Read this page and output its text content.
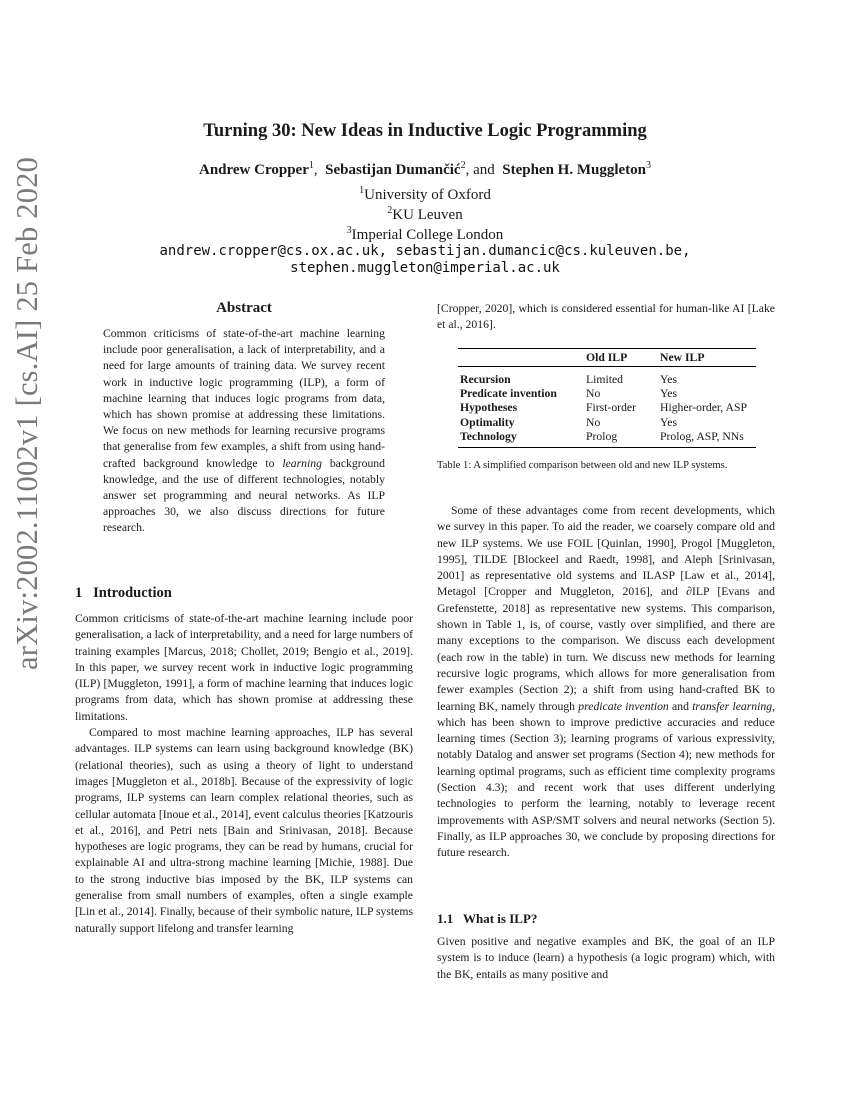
arXiv:2002.11002v1 [cs.AI] 25 Feb 2020
Turning 30: New Ideas in Inductive Logic Programming
Andrew Cropper$^1$, Sebastijan Dumančić$^2$, and Stephen H. Muggleton$^3$
$^1$University of Oxford
$^2$KU Leuven
$^3$Imperial College London
andrew.cropper@cs.ox.ac.uk, sebastijan.dumancic@cs.kuleuven.be,
stephen.muggleton@imperial.ac.uk
Abstract
Common criticisms of state-of-the-art machine learning include poor generalisation, a lack of interpretability, and a need for large amounts of training data. We survey recent work in inductive logic programming (ILP), a form of machine learning that induces logic programs from data, which has shown promise at addressing these limitations. We focus on new methods for learning recursive programs that generalise from few examples, a shift from using hand-crafted background knowledge to learning background knowledge, and the use of different technologies, notably answer set programming and neural networks. As ILP approaches 30, we also discuss directions for future research.
1 Introduction

Common criticisms of state-of-the-art machine learning include poor generalisation, a lack of interpretability, and a need for large numbers of training examples [Marcus, 2018; Chollet, 2019; Bengio et al., 2019]. In this paper, we survey recent work in inductive logic programming (ILP) [Muggleton, 1991], a form of machine learning that induces logic programs from data, which has shown promise at addressing these limitations.

Compared to most machine learning approaches, ILP has several advantages. ILP systems can learn using background knowledge (BK) (relational theories), such as using a theory of light to understand images [Muggleton et al., 2018b]. Because of the expressivity of logic programs, ILP systems can learn complex relational theories, such as cellular automata [Inoue et al., 2014], event calculus theories [Katzouris et al., 2016], and Petri nets [Bain and Srinivasan, 2018]. Because hypotheses are logic programs, they can be read by humans, crucial for explainable AI and ultra-strong machine learning [Michie, 1988]. Due to the strong inductive bias imposed by the BK, ILP systems can generalise from small numbers of examples, often a single example [Lin et al., 2014]. Finally, because of their symbolic nature, ILP systems naturally support lifelong and transfer learning

[Cropper, 2020], which is considered essential for human-like AI [Lake et al., 2016].
	Old ILP	New ILP
Recursion	Limited	Yes
Predicate invention	No	Yes
Hypotheses	First-order	Higher-order, ASP
Optimality	No	Yes
Technology	Prolog	Prolog, ASP, NNs
Table 1: A simplified comparison between old and new ILP systems.

Some of these advantages come from recent developments, which we survey in this paper. To aid the reader, we coarsely compare old and new ILP systems. We use FOIL [Quinlan, 1990], Progol [Muggleton, 1995], TILDE [Blockeel and Raedt, 1998], and Aleph [Srinivasan, 2001] as representative old systems and ILASP [Law et al., 2014], Metagol [Cropper and Muggleton, 2016], and ∂ILP [Evans and Grefenstette, 2018] as representative new systems. This comparison, shown in Table 1, is, of course, vastly over simplified, and there are many exceptions to the comparison. We discuss each development (each row in the table) in turn. We discuss new methods for learning recursive logic programs, which allows for more generalisation from fewer examples (Section 2); a shift from using hand-crafted BK to learning BK, namely through predicate invention and transfer learning, which has been shown to improve predictive accuracies and reduce learning times (Section 3); learning programs of various expressivity, notably Datalog and answer set programs (Section 4); new methods for learning optimal programs, such as efficient time complexity programs (Section 4.3); and recent work that uses different underlying technologies to perform the learning, notably to leverage recent improvements with ASP/SMT solvers and neural networks (Section 5). Finally, as ILP approaches 30, we conclude by proposing directions for future research.

1.1 What is ILP?
Given positive and negative examples and BK, the goal of an ILP system is to induce (learn) a hypothesis (a logic program) which, with the BK, entails as many positive and
